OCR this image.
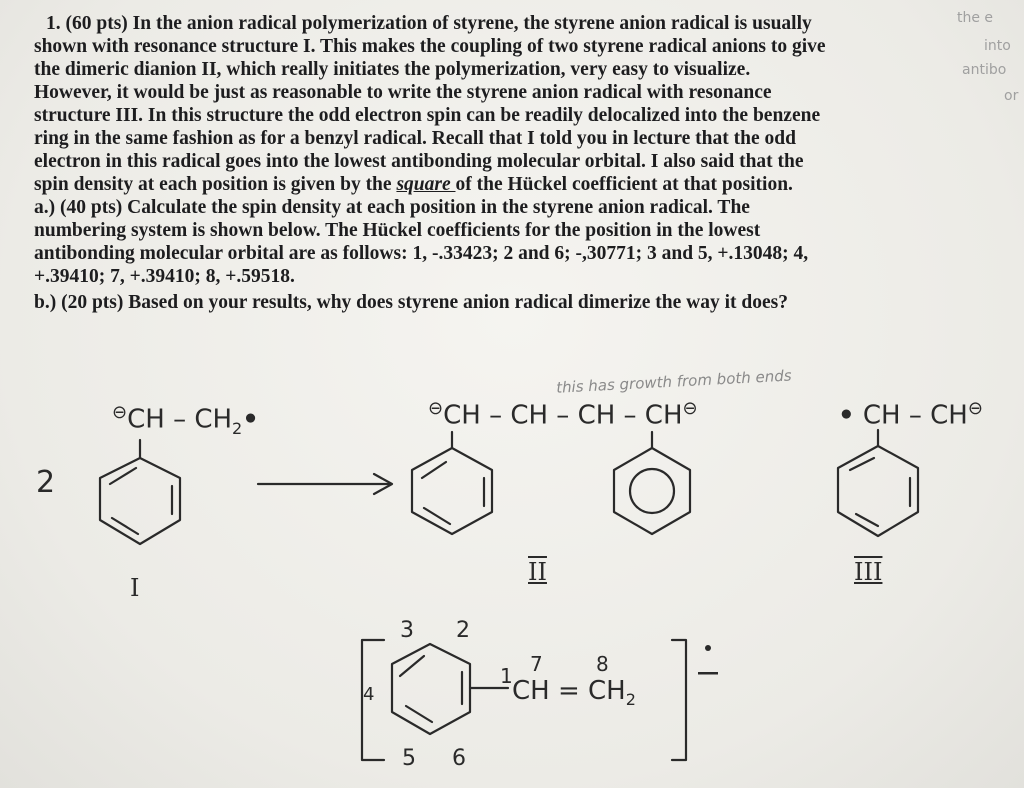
the e
into
antibo
or
1. (60 pts) In the anion radical polymerization of styrene, the styrene anion radical is usually
shown with resonance structure I. This makes the coupling of two styrene radical anions to give
the dimeric dianion II, which really initiates the polymerization, very easy to visualize.
However, it would be just as reasonable to write the styrene anion radical with resonance
structure III. In this structure the odd electron spin can be readily delocalized into the benzene
ring in the same fashion as for a benzyl radical. Recall that I told you in lecture that the odd
electron in this radical goes into the lowest antibonding molecular orbital. I also said that the
spin density at each position is given by the square of the Hückel coefficient at that position.
a.) (40 pts) Calculate the spin density at each position in the styrene anion radical. The
numbering system is shown below. The Hückel coefficients for the position in the lowest
antibonding molecular orbital are as follows: 1, -.33423; 2 and 6; -,30771; 3 and 5, +.13048; 4,
+.39410; 7, +.39410; 8, +.59518.
b.) (20 pts) Based on your results, why does styrene anion radical dimerize the way it does?
this has growth from both ends
2
$^⊖CH - CH_2•$	⊖CH – CH – CH – CH⊖	• CH – CH⊖
I
II	III
3 2
4
5 6
1 7	8
CH = $CH_2$
